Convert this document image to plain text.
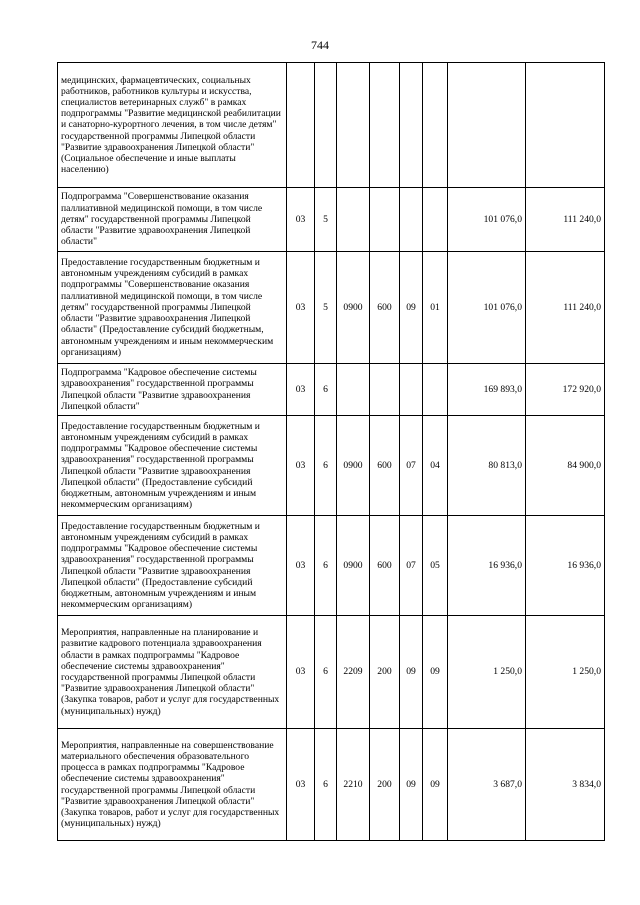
744
медицинских, фармацевтических, социальных работников, работников культуры и искусства, специалистов ветеринарных служб" в рамках подпрограммы "Развитие медицинской реабилитации и санаторно-курортного лечения, в том числе детям" государственной программы Липецкой области "Развитие здравоохранения Липецкой области" (Социальное обеспечение и иные выплаты населению)								
Подпрограмма "Совершенствование оказания паллиативной медицинской помощи, в том числе детям" государственной программы Липецкой области "Развитие здравоохранения Липецкой области"	03	5					101 076,0	111 240,0
Предоставление государственным бюджетным и автономным учреждениям субсидий в рамках подпрограммы "Совершенствование оказания паллиативной медицинской помощи, в том числе детям" государственной программы Липецкой области "Развитие здравоохранения Липецкой области" (Предоставление субсидий бюджетным, автономным учреждениям и иным некоммерческим организациям)	03	5	0900	600	09	01	101 076,0	111 240,0
Подпрограмма "Кадровое обеспечение системы здравоохранения" государственной программы Липецкой области "Развитие здравоохранения Липецкой области"	03	6					169 893,0	172 920,0
Предоставление государственным бюджетным и автономным учреждениям субсидий в рамках подпрограммы "Кадровое обеспечение системы здравоохранения" государственной программы Липецкой области "Развитие здравоохранения Липецкой области" (Предоставление субсидий бюджетным, автономным учреждениям и иным некоммерческим организациям)	03	6	0900	600	07	04	80 813,0	84 900,0
Предоставление государственным бюджетным и автономным учреждениям субсидий в рамках подпрограммы "Кадровое обеспечение системы здравоохранения" государственной программы Липецкой области "Развитие здравоохранения Липецкой области" (Предоставление субсидий бюджетным, автономным учреждениям и иным некоммерческим организациям)	03	6	0900	600	07	05	16 936,0	16 936,0
Мероприятия, направленные на планирование и развитие кадрового потенциала здравоохранения области в рамках подпрограммы "Кадровое обеспечение системы здравоохранения" государственной программы Липецкой области "Развитие здравоохранения Липецкой области" (Закупка товаров, работ и услуг для государственных (муниципальных) нужд)	03	6	2209	200	09	09	1 250,0	1 250,0
Мероприятия, направленные на совершенствование материального обеспечения образовательного процесса в рамках подпрограммы "Кадровое обеспечение системы здравоохранения" государственной программы Липецкой области "Развитие здравоохранения Липецкой области" (Закупка товаров, работ и услуг для государственных (муниципальных) нужд)	03	6	2210	200	09	09	3 687,0	3 834,0
